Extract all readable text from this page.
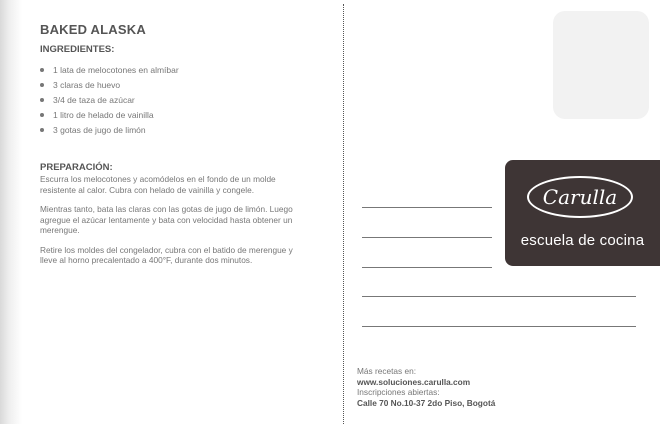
BAKED ALASKA
INGREDIENTES:
1 lata de melocotones en almíbar
3 claras de huevo
3/4 de taza de azúcar
1 litro de helado de vainilla
3 gotas de jugo de limón
PREPARACIÓN:

Escurra los melocotones y acomódelos en el fondo de un molde resistente al calor. Cubra con helado de vainilla y congele.

Mientras tanto, bata las claras con las gotas de jugo de limón. Luego agregue el azúcar lentamente y bata con velocidad hasta obtener un merengue.

Retire los moldes del congelador, cubra con el batido de merengue y lleve al horno precalentado a 400°F, durante dos minutos.

Carulla
escuela de cocina
Más recetas en:
www.soluciones.carulla.com
Inscripciones abiertas:
Calle 70 No.10-37 2do Piso, Bogotá
